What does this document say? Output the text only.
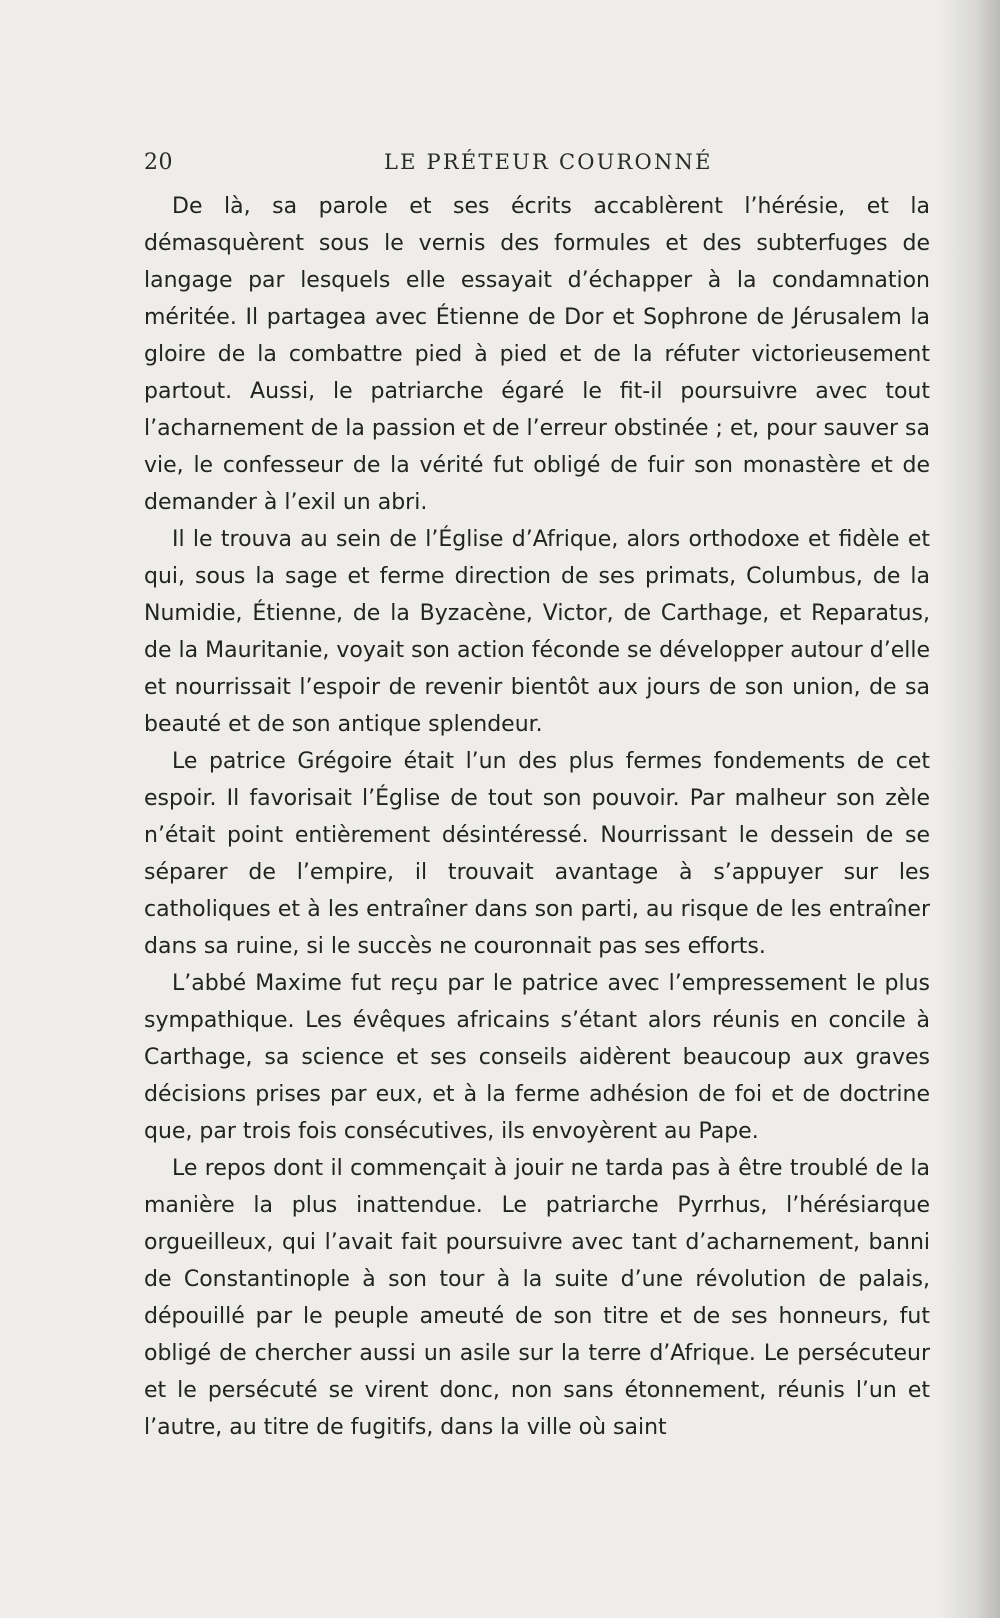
20	LE PRÉTEUR COURONNÉ

De là, sa parole et ses écrits accablèrent l’hérésie, et la démasquèrent sous le vernis des formules et des subterfuges de langage par lesquels elle essayait d’échapper à la condamnation méritée. Il partagea avec Étienne de Dor et Sophrone de Jérusalem la gloire de la combattre pied à pied et de la réfuter victorieusement partout. Aussi, le patriarche égaré le fit-il poursuivre avec tout l’acharnement de la passion et de l’erreur obstinée ; et, pour sauver sa vie, le confesseur de la vérité fut obligé de fuir son monastère et de demander à l’exil un abri.

Il le trouva au sein de l’Église d’Afrique, alors orthodoxe et fidèle et qui, sous la sage et ferme direction de ses primats, Columbus, de la Numidie, Étienne, de la Byzacène, Victor, de Carthage, et Reparatus, de la Mauritanie, voyait son action féconde se développer autour d’elle et nourrissait l’espoir de revenir bientôt aux jours de son union, de sa beauté et de son antique splendeur.

Le patrice Grégoire était l’un des plus fermes fondements de cet espoir. Il favorisait l’Église de tout son pouvoir. Par malheur son zèle n’était point entièrement désintéressé. Nourrissant le dessein de se séparer de l’empire, il trouvait avantage à s’appuyer sur les catholiques et à les entraîner dans son parti, au risque de les entraîner dans sa ruine, si le succès ne couronnait pas ses efforts.

L’abbé Maxime fut reçu par le patrice avec l’empressement le plus sympathique. Les évêques africains s’étant alors réunis en concile à Carthage, sa science et ses conseils aidèrent beaucoup aux graves décisions prises par eux, et à la ferme adhésion de foi et de doctrine que, par trois fois consécutives, ils envoyèrent au Pape.

Le repos dont il commençait à jouir ne tarda pas à être troublé de la manière la plus inattendue. Le patriarche Pyrrhus, l’hérésiarque orgueilleux, qui l’avait fait poursuivre avec tant d’acharnement, banni de Constantinople à son tour à la suite d’une révolution de palais, dépouillé par le peuple ameuté de son titre et de ses honneurs, fut obligé de chercher aussi un asile sur la terre d’Afrique. Le persécuteur et le persécuté se virent donc, non sans étonnement, réunis l’un et l’autre, au titre de fugitifs, dans la ville où saint
